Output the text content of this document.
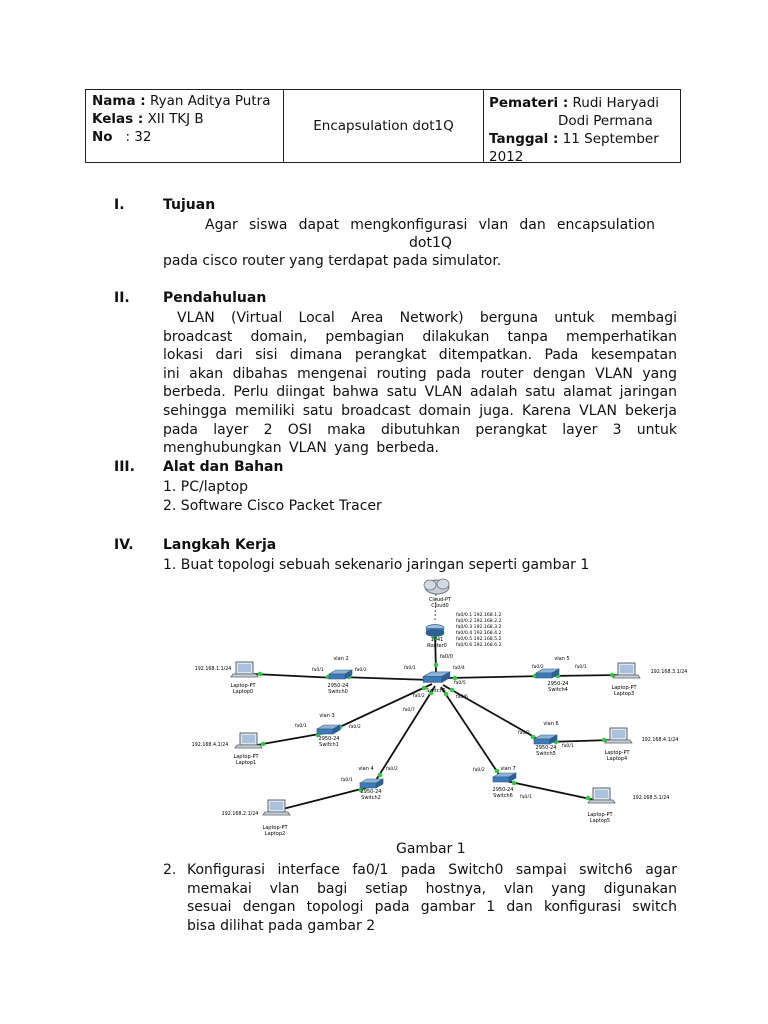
Nama : Ryan Aditya Putra
Kelas : XII TKJ B
No : 32
Encapsulation dot1Q
Pemateri : Rudi Haryadi
Dodi Permana
Tanggal : 11 September
2012
I.	Tujuan
Agar siswa dapat mengkonfigurasi vlan dan encapsulation
dot1Q
pada cisco router yang terdapat pada simulator.
II. Pendahuluan
VLAN (Virtual Local Area Network) berguna untuk membagi
broadcast domain, pembagian dilakukan tanpa memperhatikan
lokasi dari sisi dimana perangkat ditempatkan. Pada kesempatan
ini akan dibahas mengenai routing pada router dengan VLAN yang
berbeda. Perlu diingat bahwa satu VLAN adalah satu alamat jaringan
sehingga memiliki satu broadcast domain juga. Karena VLAN bekerja
pada layer 2 OSI maka dibutuhkan perangkat layer 3 untuk
menghubungkan VLAN yang berbeda.
III. Alat dan Bahan
1. PC/laptop
2. Software Cisco Packet Tracer
IV. Langkah Kerja
1. Buat topologi sebuah sekenario jaringan seperti gambar 1
Cloud-PT
Cloud0
1841
Router0
fa0/0.1 192.168.1.2
fa0/0.2 192.168.2.2
fa0/0.3 192.168.3.2
fa0/0.4 192.168.4.2
fa0/0.5 192.168.5.2
fa0/0.6 192.168.6.2
fa0/0
Switch5
vlan 2
2950-24
Switch0
vlan 5
2950-24
Switch4
vlan 3
2950-24
Switch1
vlan 6
2950-24
Switch5
vlan 4
2950-24
Switch2
vlan 7
2950-24
Switch6
192.168.1.1/24
Laptop-PT
Laptop0
192.168.3.1/24
Laptop-PT
Laptop3
192.168.4.1/24
Laptop-PT
Laptop1
192.168.4.1/24
Laptop-PT
Laptop4
192.168.2.1/24
Laptop-PT
Laptop2
192.168.5.1/24
Laptop-PT
Laptop5
fa0/1	fa0/2	fa0/1	fa0/4	fa0/2	fa0/1
fa0/5
fa0/2
fa0/7
fa0/6
fa0/1	fa0/2
fa0/2
fa0/1
fa0/1
fa0/2	fa0/2
fa0/1
Gambar 1
2. Konfigurasi interface fa0/1 pada Switch0 sampai switch6 agar
memakai vlan bagi setiap hostnya, vlan yang digunakan
sesuai dengan topologi pada gambar 1 dan konfigurasi switch
bisa dilihat pada gambar 2
